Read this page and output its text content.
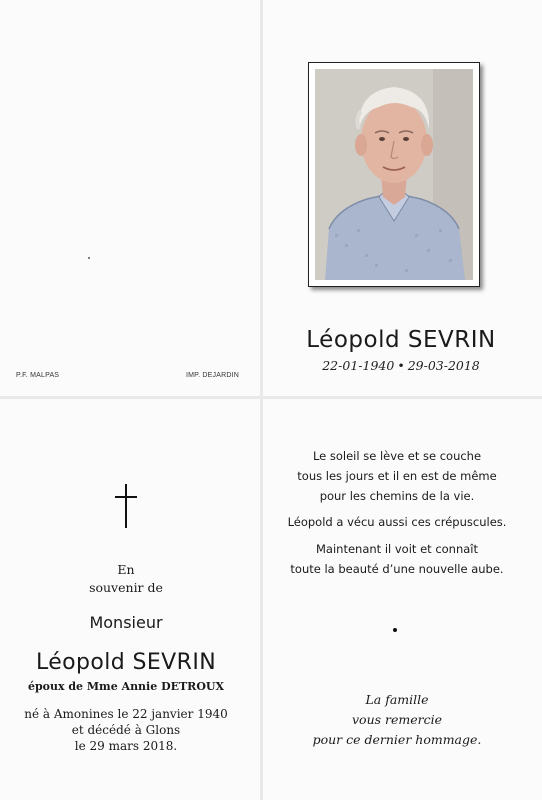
P.F. MALPAS	IMP. DEJARDIN
Léopold SEVRIN
22-01-1940 • 29-03-2018
En
souvenir de
Monsieur
Léopold SEVRIN
époux de Mme Annie DETROUX
né à Amonines le 22 janvier 1940
et décédé à Glons
le 29 mars 2018.
Le soleil se lève et se couche
tous les jours et il en est de même
pour les chemins de la vie.
Léopold a vécu aussi ces crépuscules.
Maintenant il voit et connaît
toute la beauté d’une nouvelle aube.
La famille
vous remercie
pour ce dernier hommage.
